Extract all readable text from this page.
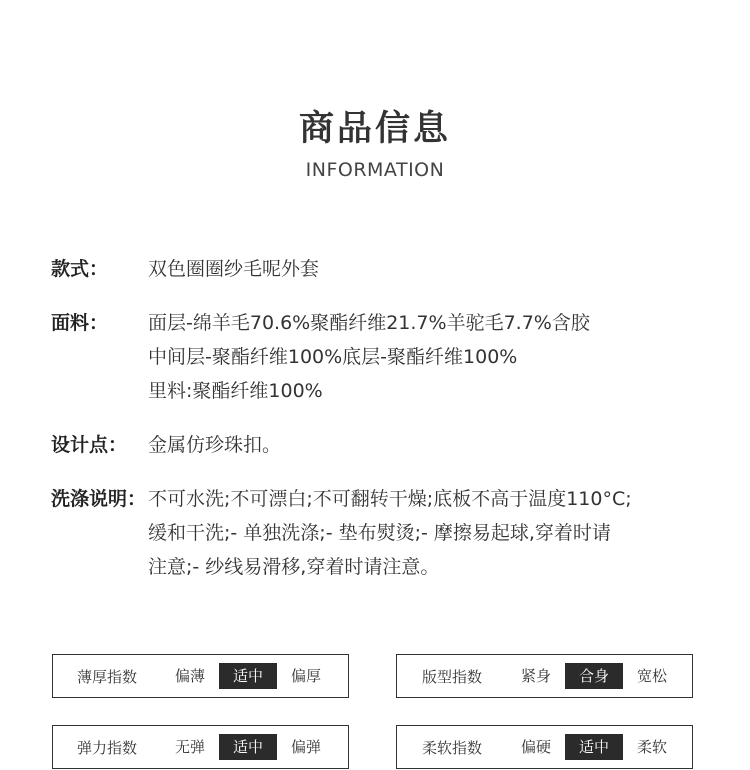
商品信息
INFORMATION
款式：	双色圈圈纱毛呢外套
面料：	面层-绵羊毛70.6%聚酯纤维21.7%羊驼毛7.7%含胶
中间层-聚酯纤维100%底层-聚酯纤维100%
里料:聚酯纤维100%
设计点：	金属仿珍珠扣。
洗涤说明： 不可水洗;不可漂白;不可翻转干燥;底板不高于温度110°C;
缓和干洗;- 单独洗涤;- 垫布熨烫;- 摩擦易起球,穿着时请
注意;- 纱线易滑移,穿着时请注意。
薄厚指数	偏薄	适中	偏厚	版型指数	紧身	合身	宽松
弹力指数	无弹	适中	偏弹	柔软指数	偏硬	适中	柔软
